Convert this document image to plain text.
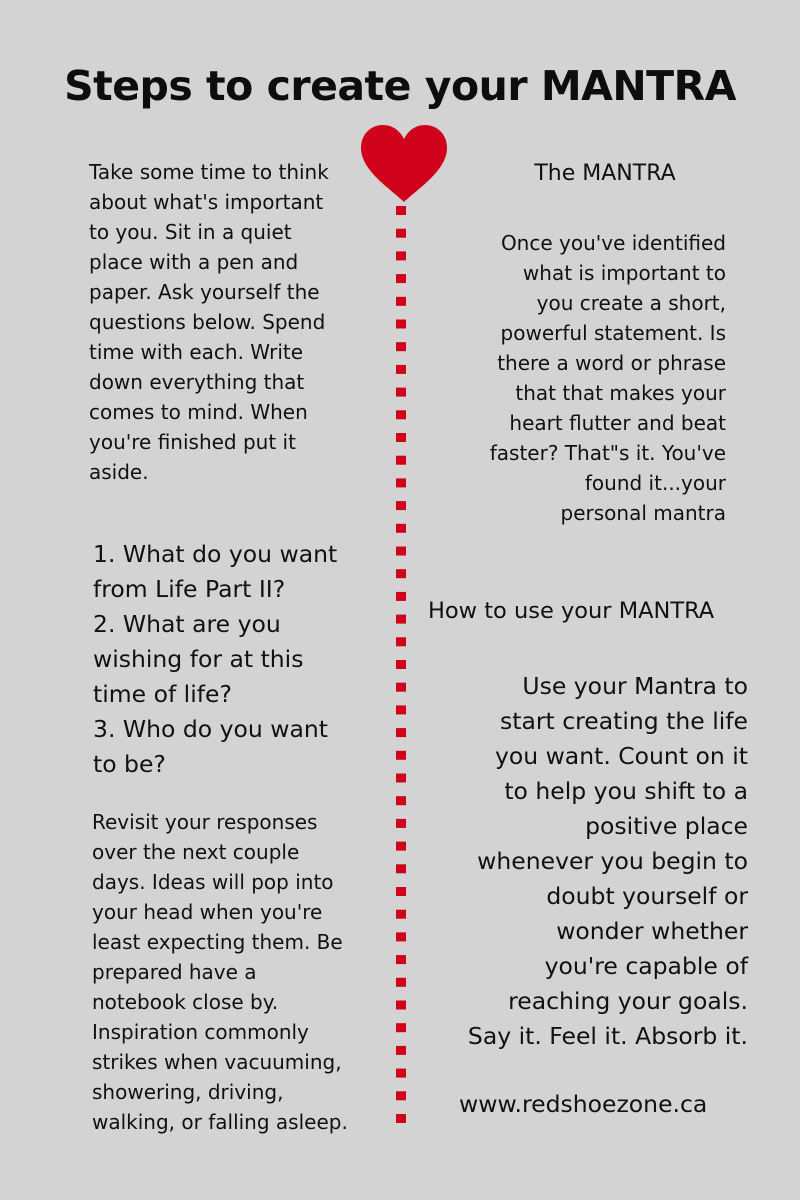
Steps to create your MANTRA

Take some time to think
about what's important
to you. Sit in a quiet
place with a pen and
paper. Ask yourself the
questions below. Spend
time with each. Write
down everything that
comes to mind. When
you're finished put it
aside.

1. What do you want
from Life Part II?
2. What are you
wishing for at this
time of life?
3. Who do you want
to be?

Revisit your responses
over the next couple
days. Ideas will pop into
your head when you're
least expecting them. Be
prepared have a
notebook close by.
Inspiration commonly
strikes when vacuuming,
showering, driving,
walking, or falling asleep.

The MANTRA

Once you've identified
what is important to
you create a short,
powerful statement. Is
there a word or phrase
that that makes your
heart flutter and beat
faster? That"s it. You've
found it...your
personal mantra

How to use your MANTRA

Use your Mantra to
start creating the life
you want. Count on it
to help you shift to a
positive place
whenever you begin to
doubt yourself or
wonder whether
you're capable of
reaching your goals.
Say it. Feel it. Absorb it.

www.redshoezone.ca
